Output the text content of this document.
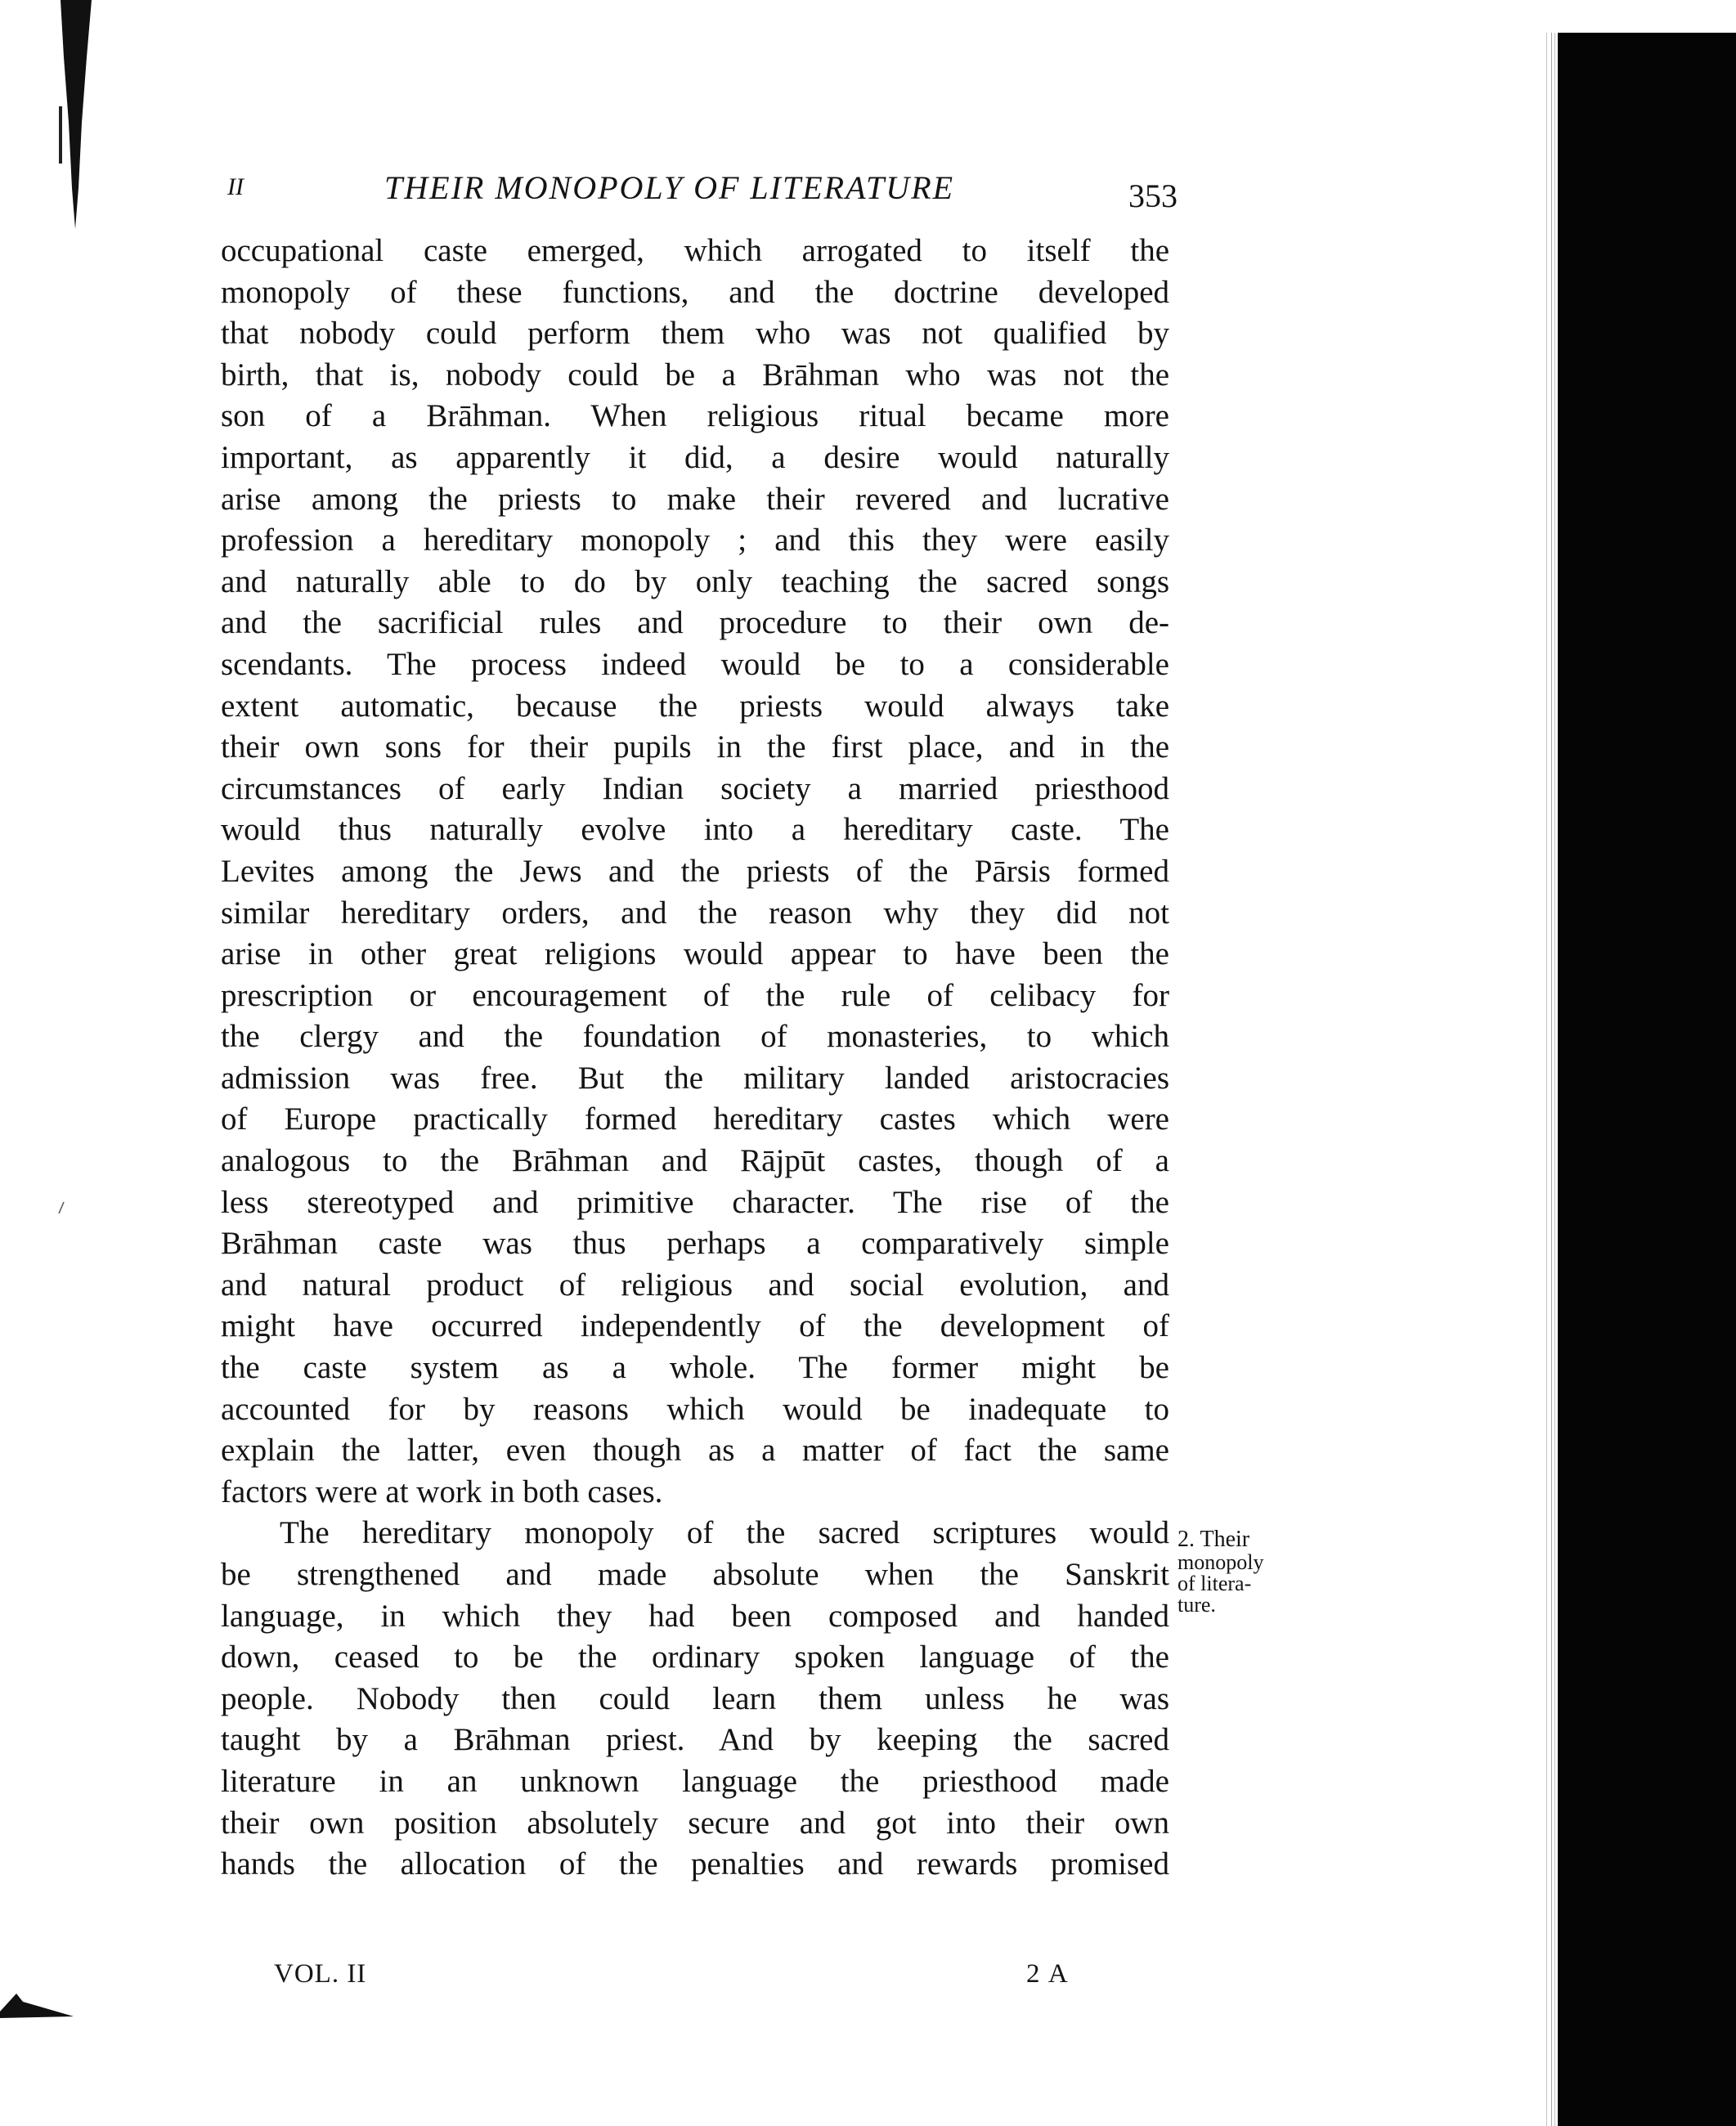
II	THEIR MONOPOLY OF LITERATURE	353
occupational caste emerged, which arrogated to itself the
monopoly of these functions, and the doctrine developed
that nobody could perform them who was not qualified by
birth, that is, nobody could be a Brāhman who was not the
son of a Brāhman. When religious ritual became more
important, as apparently it did, a desire would naturally
arise among the priests to make their revered and lucrative
profession a hereditary monopoly ; and this they were easily
and naturally able to do by only teaching the sacred songs
and the sacrificial rules and procedure to their own de-
scendants. The process indeed would be to a considerable
extent automatic, because the priests would always take
their own sons for their pupils in the first place, and in the
circumstances of early Indian society a married priesthood
would thus naturally evolve into a hereditary caste. The
Levites among the Jews and the priests of the Pārsis formed
similar hereditary orders, and the reason why they did not
arise in other great religions would appear to have been the
prescription or encouragement of the rule of celibacy for
the clergy and the foundation of monasteries, to which
admission was free. But the military landed aristocracies
of Europe practically formed hereditary castes which were
analogous to the Brāhman and Rājpūt castes, though of a
less stereotyped and primitive character. The rise of the
Brāhman caste was thus perhaps a comparatively simple
and natural product of religious and social evolution, and
might have occurred independently of the development of
the caste system as a whole. The former might be
accounted for by reasons which would be inadequate to
explain the latter, even though as a matter of fact the same
factors were at work in both cases.
The hereditary monopoly of the sacred scriptures would
be strengthened and made absolute when the Sanskrit
language, in which they had been composed and handed
down, ceased to be the ordinary spoken language of the
people. Nobody then could learn them unless he was
taught by a Brāhman priest. And by keeping the sacred
literature in an unknown language the priesthood made
their own position absolutely secure and got into their own
hands the allocation of the penalties and rewards promised
2. Their
monopoly
of litera-
ture.
VOL. II	2 A
